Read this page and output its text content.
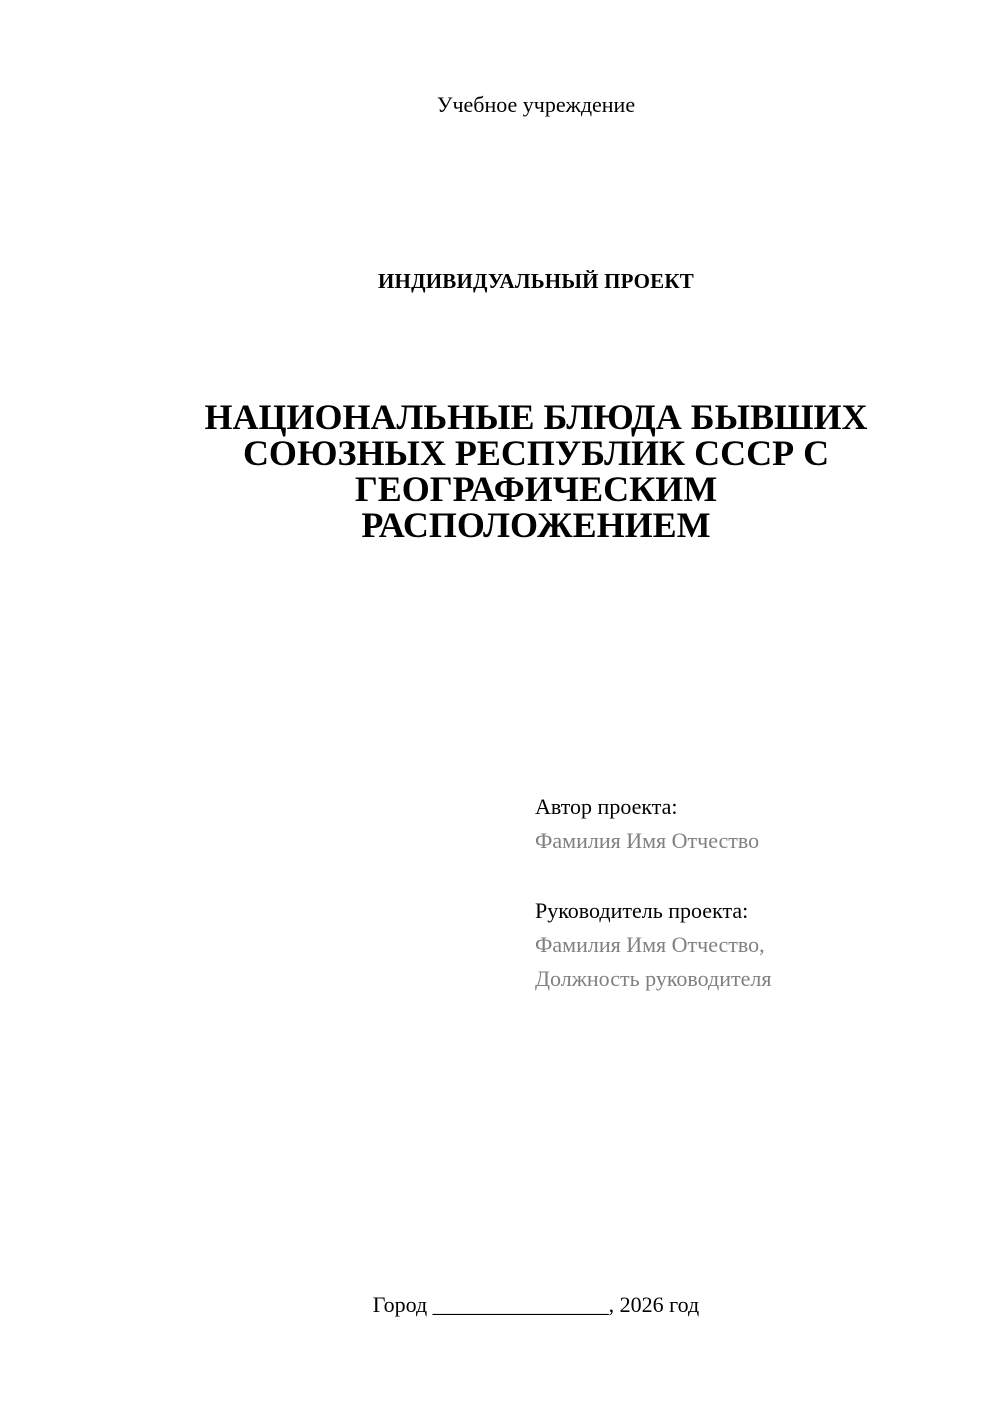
Учебное учреждение
ИНДИВИДУАЛЬНЫЙ ПРОЕКТ
НАЦИОНАЛЬНЫЕ БЛЮДА БЫВШИХ
СОЮЗНЫХ РЕСПУБЛИК СССР С
ГЕОГРАФИЧЕСКИМ
РАСПОЛОЖЕНИЕМ
Автор проекта:
Фамилия Имя Отчество
Руководитель проекта:
Фамилия Имя Отчество,
Должность руководителя
Город ________________, 2026 год
